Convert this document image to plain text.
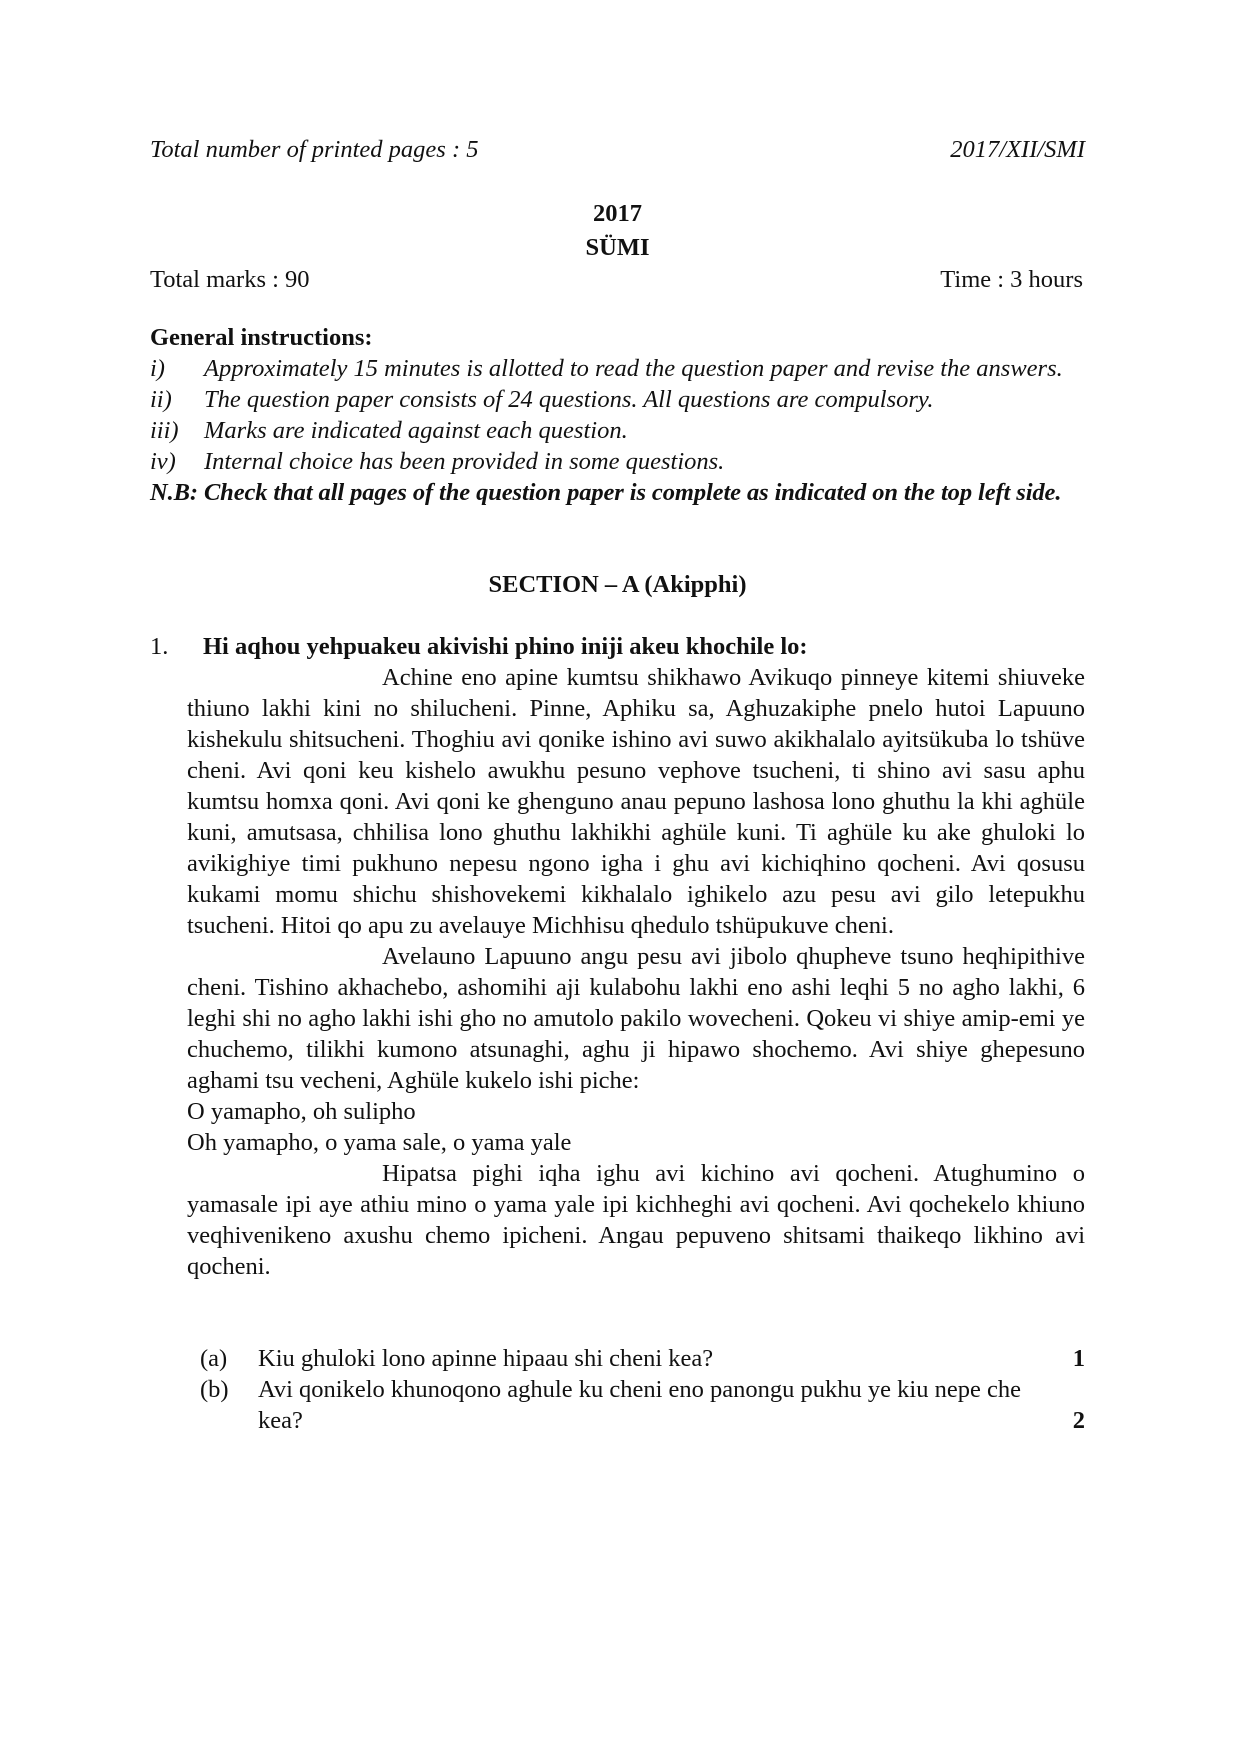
Total number of printed pages : 5	2017/XII/SMI
2017
SÜMI
Total marks : 90	Time : 3 hours
General instructions:
i)	Approximately 15 minutes is allotted to read the question paper and revise the answers.
ii)	The question paper consists of 24 questions. All questions are compulsory.
iii)	Marks are indicated against each question.
iv)	Internal choice has been provided in some questions.
N.B: Check that all pages of the question paper is complete as indicated on the top left side.
SECTION – A (Akipphi)
1.	Hi aqhou yehpuakeu akivishi phino iniji akeu khochile lo:

Achine eno apine kumtsu shikhawo Avikuqo pinneye kitemi shiuveke thiuno lakhi kini no shilucheni. Pinne, Aphiku sa, Aghuzakiphe pnelo hutoi Lapuuno kishekulu shitsucheni. Thoghiu avi qonike ishino avi suwo akikhalalo ayitsükuba lo tshüve cheni. Avi qoni keu kishelo awukhu pesuno vephove tsucheni, ti shino avi sasu aphu kumtsu homxa qoni. Avi qoni ke ghenguno anau pepuno lashosa lono ghuthu la khi aghüle kuni, amutsasa, chhilisa lono ghuthu lakhikhi aghüle kuni. Ti aghüle ku ake ghuloki lo avikighiye timi pukhuno nepesu ngono igha i ghu avi kichiqhino qocheni. Avi qosusu kukami momu shichu shishovekemi kikhalalo ighikelo azu pesu avi gilo letepukhu tsucheni. Hitoi qo apu zu avelauye Michhisu qhedulo tshüpukuve cheni.

Avelauno Lapuuno angu pesu avi jibolo qhupheve tsuno heqhipithive cheni. Tishino akhachebo, ashomihi aji kulabohu lakhi eno ashi leqhi 5 no agho lakhi, 6 leghi shi no agho lakhi ishi gho no amutolo pakilo wovecheni. Qokeu vi shiye amip-emi ye chuchemo, tilikhi kumono atsunaghi, aghu ji hipawo shochemo. Avi shiye ghepesuno aghami tsu vecheni, Aghüle kukelo ishi piche:

O yamapho, oh sulipho

Oh yamapho, o yama sale, o yama yale

Hipatsa pighi iqha ighu avi kichino avi qocheni. Atughumino o yamasale ipi aye athiu mino o yama yale ipi kichheghi avi qocheni. Avi qochekelo khiuno veqhivenikeno axushu chemo ipicheni. Angau pepuveno shitsami thaikeqo likhino avi qocheni.

(a)	Kiu ghuloki lono apinne hipaau shi cheni kea?	1
(b)	Avi qonikelo khunoqono aghule ku cheni eno panongu pukhu ye kiu nepe che kea?	2
